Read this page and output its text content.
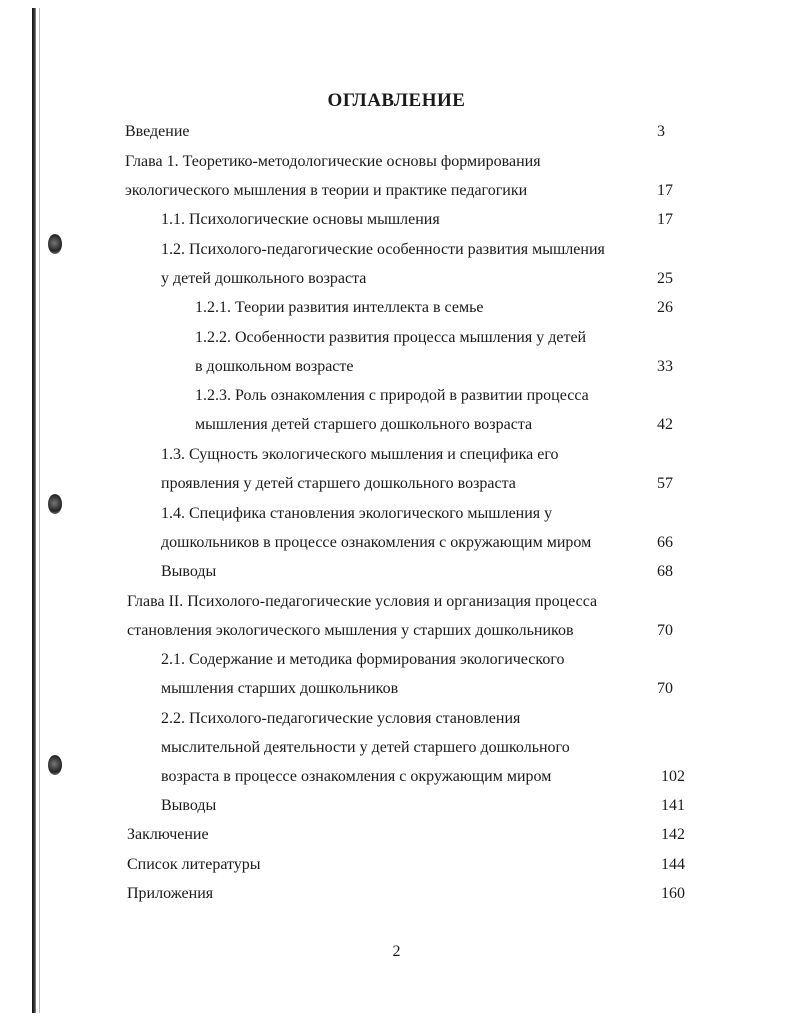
ОГЛАВЛЕНИЕ
Введение	3
Глава 1. Теоретико-методологические основы формирования
экологического мышления в теории и практике педагогики	17
1.1. Психологические основы мышления	17
1.2. Психолого-педагогические особенности развития мышления
у детей дошкольного возраста	25
1.2.1. Теории развития интеллекта в семье	26
1.2.2. Особенности развития процесса мышления у детей
в дошкольном возрасте	33
1.2.3. Роль ознакомления с природой в развитии процесса
мышления детей старшего дошкольного возраста	42
1.3. Сущность экологического мышления и специфика его
проявления у детей старшего дошкольного возраста	57
1.4. Специфика становления экологического мышления у
дошкольников в процессе ознакомления с окружающим миром	66
Выводы	68
Глава II. Психолого-педагогические условия и организация процесса
становления экологического мышления у старших дошкольников	70
2.1. Содержание и методика формирования экологического
мышления старших дошкольников	70
2.2. Психолого-педагогические условия становления
мыслительной деятельности у детей старшего дошкольного
возраста в процессе ознакомления с окружающим миром	102
Выводы	141
Заключение	142
Список литературы	144
Приложения	160
2
